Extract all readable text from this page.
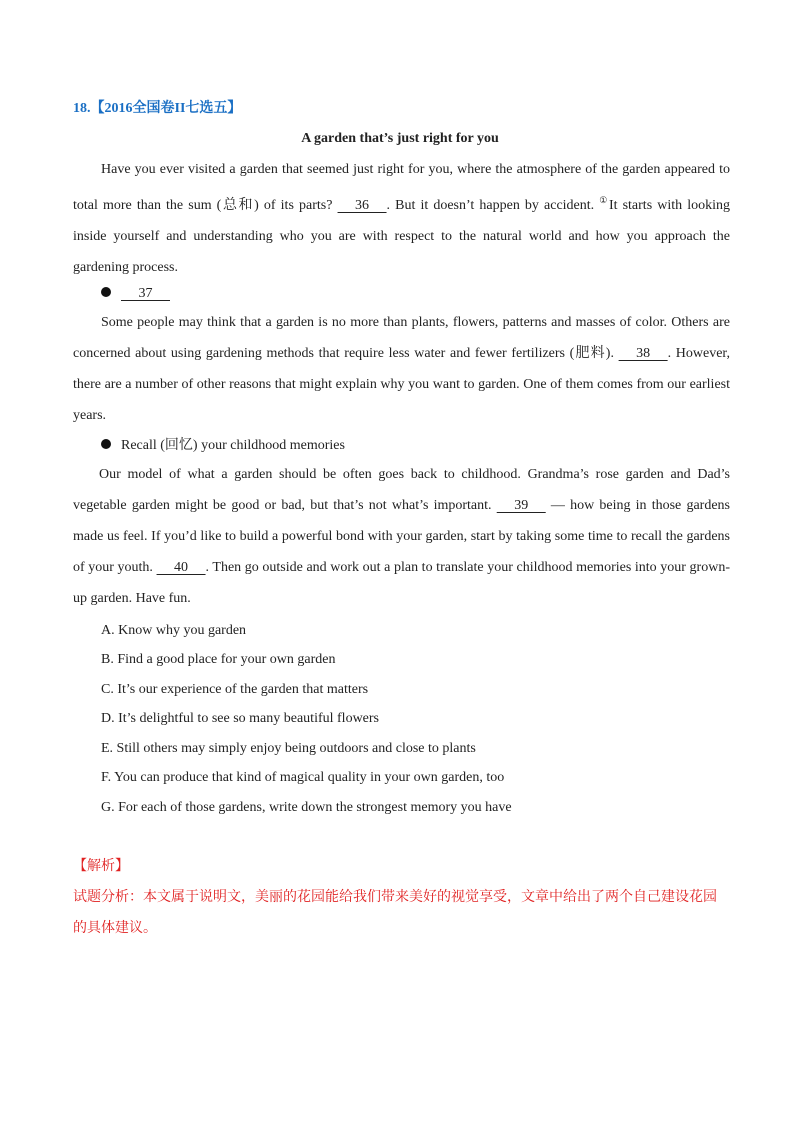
18.【2016全国卷II七选五】
A garden that’s just right for you
Have you ever visited a garden that seemed just right for you, where the atmosphere of the garden appeared to total more than the sum (总和) of its parts?      36     . But it doesn’t happen by accident. ①It starts with looking inside yourself and understanding who you are with respect to the natural world and how you approach the gardening process.
37
Some people may think that a garden is no more than plants, flowers, patterns and masses of color. Others are concerned about using gardening methods that require less water and fewer fertilizers (肥料).      38     . However, there are a number of other reasons that might explain why you want to garden. One of them comes from our earliest years.
Recall (回忆) your childhood memories
Our model of what a garden should be often goes back to childhood. Grandma’s rose garden and Dad’s vegetable garden might be good or bad, but that’s not what’s important.      39      — how being in those gardens made us feel. If you’d like to build a powerful bond with your garden, start by taking some time to recall the gardens of your youth.      40     . Then go outside and work out a plan to translate your childhood memories into your grown-up garden. Have fun.
A. Know why you garden
B. Find a good place for your own garden
C. It’s our experience of the garden that matters
D. It’s delightful to see so many beautiful flowers
E. Still others may simply enjoy being outdoors and close to plants
F. You can produce that kind of magical quality in your own garden, too
G. For each of those gardens, write down the strongest memory you have
【解析】
试题分析：本文属于说明文，美丽的花园能给我们带来美好的视觉享受，文章中给出了两个自己建设花园的具体建议。
